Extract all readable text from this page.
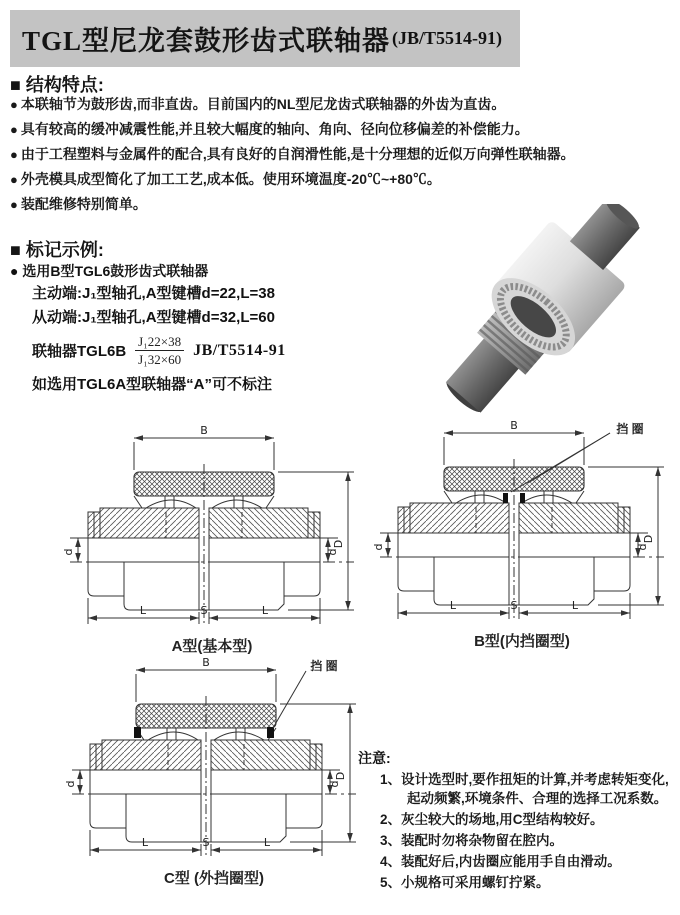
TGL型尼龙套鼓形齿式联轴器 (JB/T5514-91)
■ 结构特点:
● 本联轴节为鼓形齿,而非直齿。目前国内的NL型尼龙齿式联轴器的外齿为直齿。
● 具有较高的缓冲减震性能,并且较大幅度的轴向、角向、径向位移偏差的补偿能力。
● 由于工程塑料与金属件的配合,具有良好的自润滑性能,是十分理想的近似万向弹性联轴器。
● 外壳模具成型简化了加工工艺,成本低。使用环境温度-20℃~+80℃。
● 装配维修特别简单。
■ 标记示例:
● 选用B型TGL6鼓形齿式联轴器
主动端:J₁型轴孔,A型键槽d=22,L=38
从动端:J₁型轴孔,A型键槽d=32,L=60
联轴器$TGL6B \frac{\text{J₁22×38}}{\text{J₁32×60}} JB/T5514-91$
如选用TGL6A型联轴器“A”可不标注
B
d	d
D
L	S	L
A型(基本型)
B
d	d
D
L	S	L
挡 圈
B型(内挡圈型)
B
d	d
D
L	S	L
挡 圈
C型 (外挡圈型)
注意:
1、设计选型时,要作扭矩的计算,并考虑转矩变化,起动频繁,环境条件、合理的选择工况系数。
2、灰尘较大的场地,用C型结构较好。
3、装配时勿将杂物留在腔内。
4、装配好后,内齿圈应能用手自由滑动。
5、小规格可采用螺钉拧紧。
